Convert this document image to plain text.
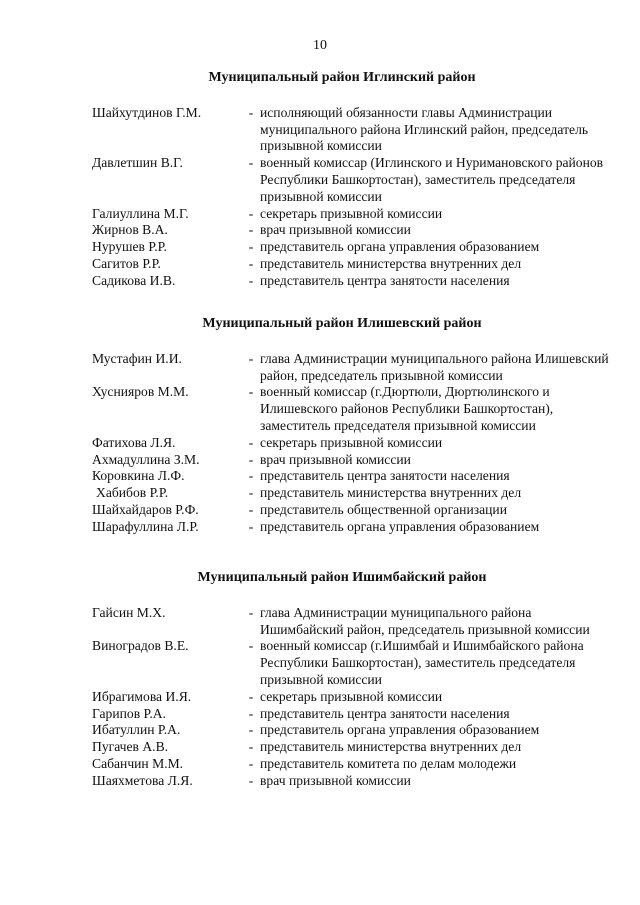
10
Муниципальный район Иглинский район
Шайхутдинов Г.М.	- исполняющий обязанности главы Администрации муниципального района Иглинский район, председатель призывной комиссии
Давлетшин В.Г.	- военный комиссар (Иглинского и Нуримановского районов Республики Башкортостан), заместитель председателя призывной комиссии
Галиуллина М.Г.	- секретарь призывной комиссии
Жирнов В.А.	- врач призывной комиссии
Нурушев Р.Р.	- представитель органа управления образованием
Сагитов Р.Р.	- представитель министерства внутренних дел
Садикова И.В.	- представитель центра занятости населения
Муниципальный район Илишевский район
Мустафин И.И.	- глава Администрации муниципального района Илишевский район, председатель призывной комиссии
Хуснияров М.М.	- военный комиссар (г.Дюртюли, Дюртюлинского и Илишевского районов Республики Башкортостан), заместитель председателя призывной комиссии
Фатихова Л.Я.	- секретарь призывной комиссии
Ахмадуллина З.М.	- врач призывной комиссии
Коровкина Л.Ф.	- представитель центра занятости населения
Хабибов Р.Р.	- представитель министерства внутренних дел
Шайхайдаров Р.Ф.	- представитель общественной организации
Шарафуллина Л.Р.	- представитель органа управления образованием
Муниципальный район Ишимбайский район
Гайсин М.Х.	- глава Администрации муниципального района Ишимбайский район, председатель призывной комиссии
Виноградов В.Е.	- военный комиссар (г.Ишимбай и Ишимбайского района Республики Башкортостан), заместитель председателя призывной комиссии
Ибрагимова И.Я.	- секретарь призывной комиссии
Гарипов Р.А.	- представитель центра занятости населения
Ибатуллин Р.А.	- представитель органа управления образованием
Пугачев А.В.	- представитель министерства внутренних дел
Сабанчин М.М.	- представитель комитета по делам молодежи
Шаяхметова Л.Я.	- врач призывной комиссии
